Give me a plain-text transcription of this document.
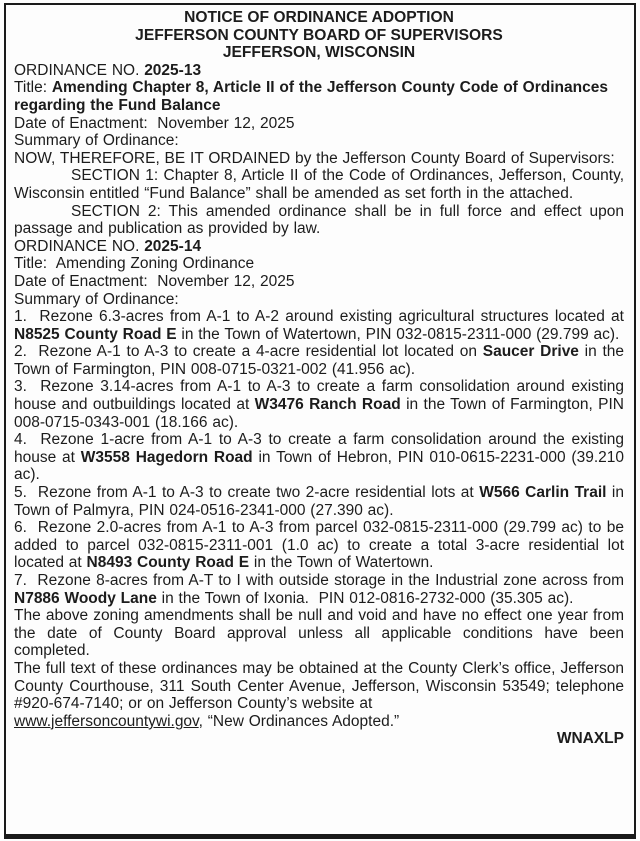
NOTICE OF ORDINANCE ADOPTION
JEFFERSON COUNTY BOARD OF SUPERVISORS
JEFFERSON, WISCONSIN

ORDINANCE NO. 2025-13

Title: Amending Chapter 8, Article II of the Jefferson County Code of Ordinances regarding the Fund Balance

Date of Enactment:  November 12, 2025

Summary of Ordinance:

NOW, THEREFORE, BE IT ORDAINED by the Jefferson County Board of Supervisors:

SECTION 1: Chapter 8, Article II of the Code of Ordinances, Jefferson, County, Wisconsin entitled “Fund Balance” shall be amended as set forth in the attached.

SECTION 2: This amended ordinance shall be in full force and effect upon passage and publication as provided by law.

ORDINANCE NO. 2025-14

Title:  Amending Zoning Ordinance

Date of Enactment:  November 12, 2025

Summary of Ordinance:

1.  Rezone 6.3-acres from A-1 to A-2 around existing agricultural structures located at N8525 County Road E in the Town of Watertown, PIN 032-0815-2311-000 (29.799 ac).

2.  Rezone A-1 to A-3 to create a 4-acre residential lot located on Saucer Drive in the Town of Farmington, PIN 008-0715-0321-002 (41.956 ac).

3.  Rezone 3.14-acres from A-1 to A-3 to create a farm consolidation around existing house and outbuildings located at W3476 Ranch Road in the Town of Farmington, PIN 008-0715-0343-001 (18.166 ac).

4.  Rezone 1-acre from A-1 to A-3 to create a farm consolidation around the existing house at W3558 Hagedorn Road in Town of Hebron, PIN 010-0615-2231-000 (39.210 ac).

5.  Rezone from A-1 to A-3 to create two 2-acre residential lots at W566 Carlin Trail in Town of Palmyra, PIN 024-0516-2341-000 (27.390 ac).

6.  Rezone 2.0-acres from A-1 to A-3 from parcel 032-0815-2311-000 (29.799 ac) to be added to parcel 032-0815-2311-001 (1.0 ac) to create a total 3-acre residential lot located at N8493 County Road E in the Town of Watertown.

7.  Rezone 8-acres from A-T to I with outside storage in the Industrial zone across from N7886 Woody Lane in the Town of Ixonia.  PIN 012-0816-2732-000 (35.305 ac).

The above zoning amendments shall be null and void and have no effect one year from the date of County Board approval unless all applicable conditions have been completed.

The full text of these ordinances may be obtained at the County Clerk’s office, Jefferson County Courthouse, 311 South Center Avenue, Jefferson, Wisconsin 53549; telephone #920-674-7140; or on Jefferson County’s website at
www.jeffersoncountywi.gov, “New Ordinances Adopted.”

WNAXLP
